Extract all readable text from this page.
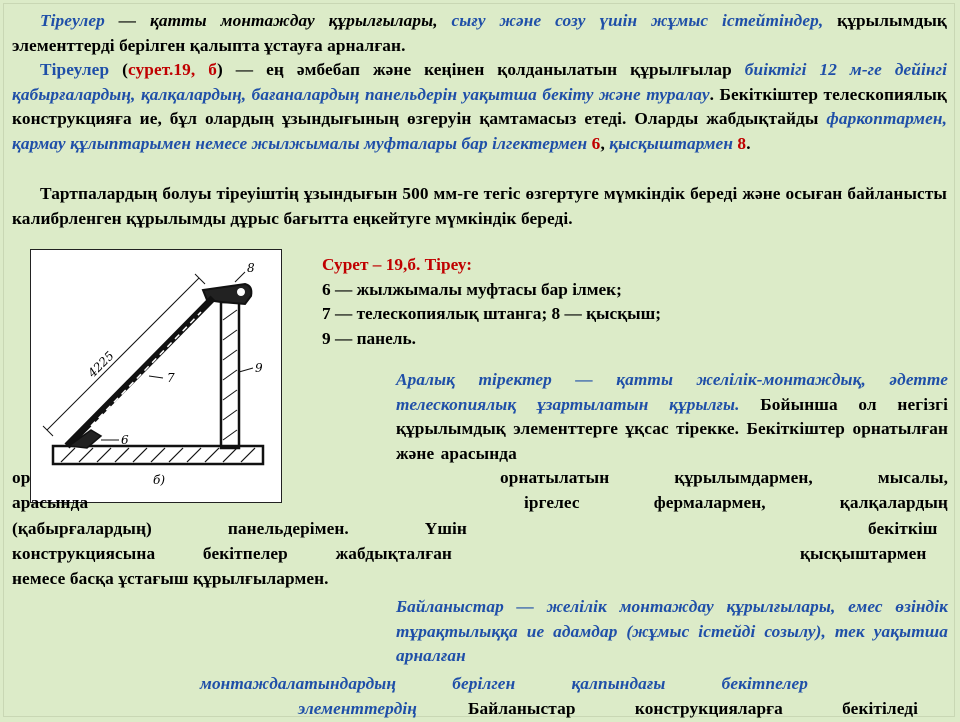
Тіреулер — қатты монтаждау құрылғылары, сығу және созу үшін жұмыс істейтіндер, құрылымдық элементтерді берілген қалыпта ұстауға арналған.

Тіреулер (сурет.19, б) — ең әмбебап және кеңінен қолданылатын құрылғылар биіктігі 12 м-ге дейінгі қабырғалардың, қалқалардың, бағаналардың панельдерін уақытша бекіту және туралау. Бекіткіштер телескопиялық конструкцияға ие, бұл олардың ұзындығының өзгеруін қамтамасыз етеді. Оларды жабдықтайды фаркоптармен, қармау құлыптарымен немесе жылжымалы муфталары бар ілгектермен 6, қысқыштармен 8.

Тартпалардың болуы тіреуіштің ұзындығын 500 мм-ге тегіс өзгертуге мүмкіндік береді және осыған байланысты калибрленген құрылымды дұрыс бағытта еңкейтуге мүмкіндік береді.

8
7
9
6
4225
б)
Сурет – 19,б. Тіреу:
6 — жылжымалы муфтасы бар ілмек;
7 — телескопиялық штанга; 8 — қысқыш;
9 — панель.

Аралық тіректер — қатты желілік-монтаждық, әдетте телескопиялық ұзартылатын құрылғы. Бойынша ол негізгі құрылымдық элементтерге ұқсас тірекке. Бекіткіштер орнатылған және арасында

ор	орнатылатын құрылымдармен, мысалы,
арасында	іргелес фермалармен, қалқалардың
(қабырғалардың) панельдерімен. Үшін	бекіткіш
конструкциясына бекітпелер жабдықталған	қысқыштармен
немесе басқа ұстағыш құрылғылармен.

Байланыстар — желілік монтаждау құрылғылары, емес өзіндік тұрақтылыққа ие адамдар (жұмыс істейді созылу), тек уақытша арналған

монтаждалатындардың берілген қалпындағы бекітпелер
элементтердің	Байланыстар конструкцияларға бекітіледі
